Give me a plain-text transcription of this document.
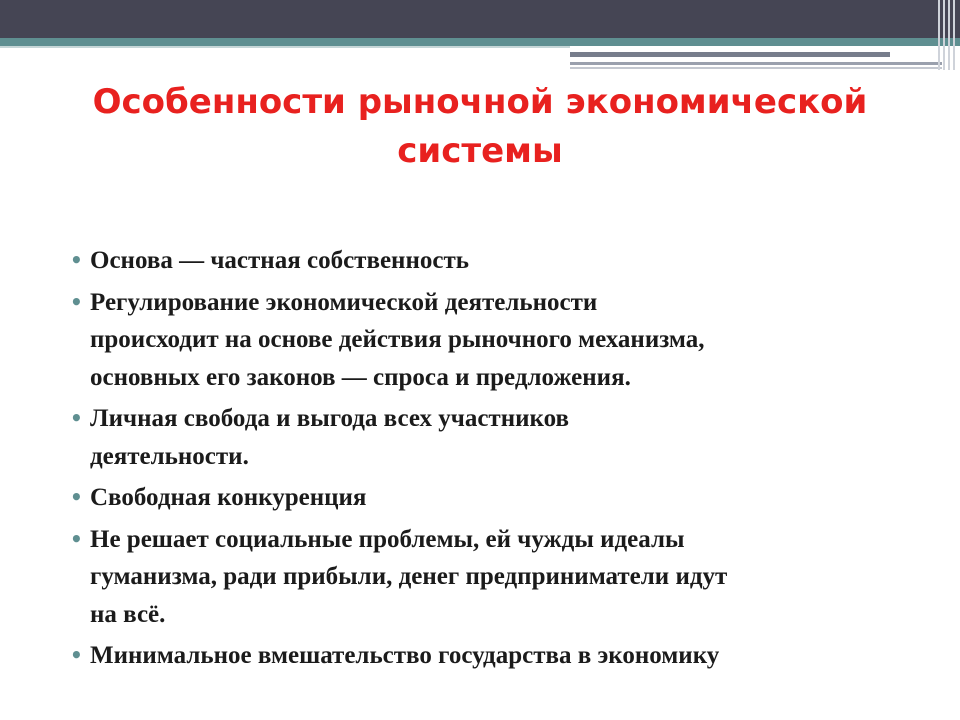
Особенности рыночной экономической
системы
• Основа — частная собственность
• Регулирование экономической деятельности
происходит на основе действия рыночного механизма,
основных его законов — спроса и предложения.
• Личная свобода и выгода всех участников
деятельности.
• Свободная конкуренция
• Не решает социальные проблемы, ей чужды идеалы
гуманизма, ради прибыли, денег предприниматели идут
на всё.
• Минимальное вмешательство государства в экономику
